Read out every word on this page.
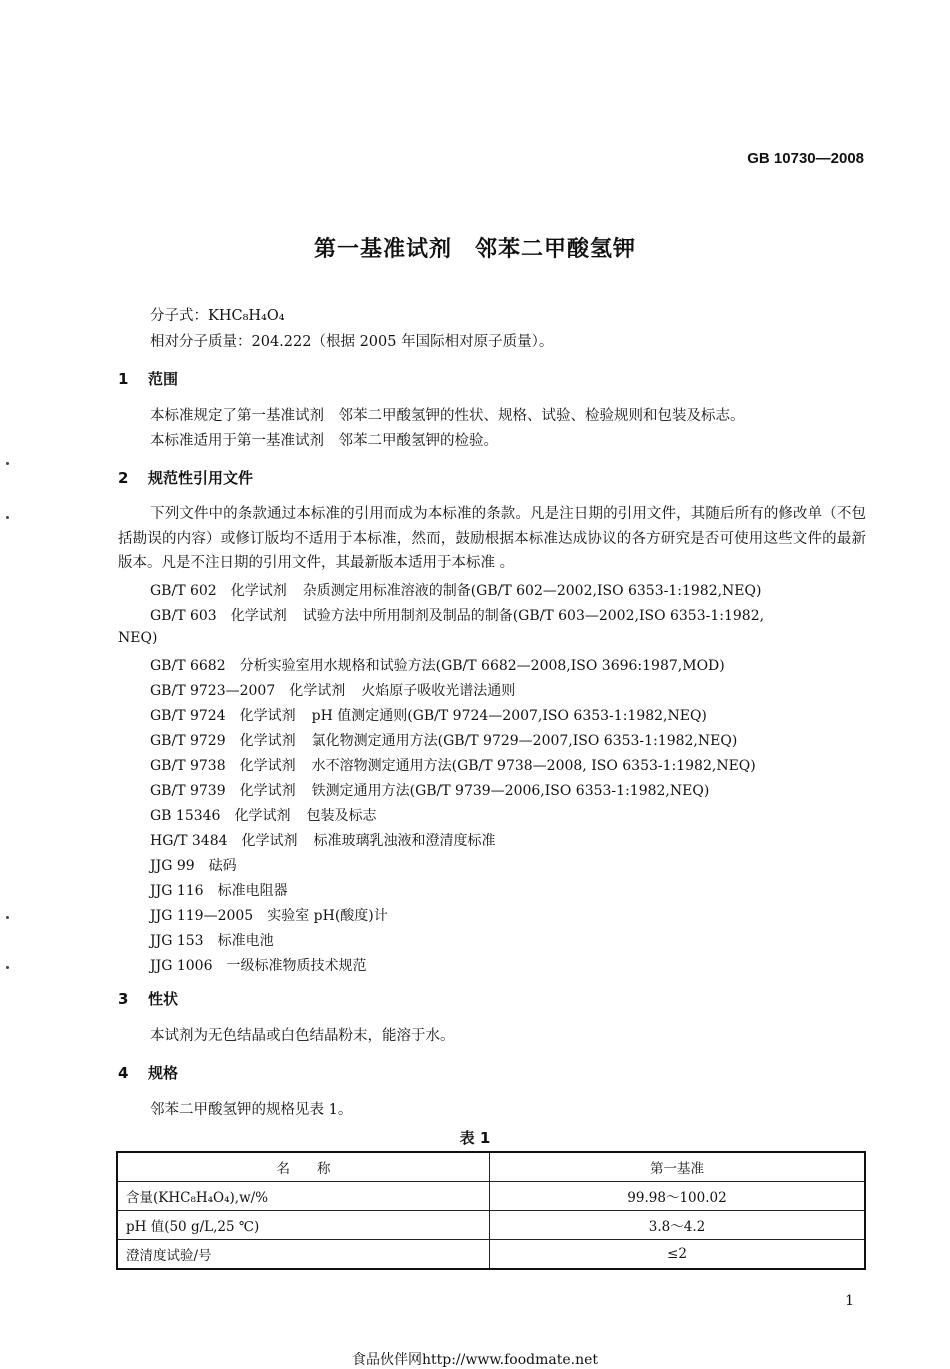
GB 10730—2008
第一基准试剂　邻苯二甲酸氢钾
分子式：KHC₈H₄O₄
相对分子质量：204.222（根据 2005 年国际相对原子质量）。
1 范围
本标准规定了第一基准试剂　邻苯二甲酸氢钾的性状、规格、试验、检验规则和包装及标志。
本标准适用于第一基准试剂　邻苯二甲酸氢钾的检验。
2 规范性引用文件
下列文件中的条款通过本标准的引用而成为本标准的条款。凡是注日期的引用文件，其随后所有的修改单（不包括勘误的内容）或修订版均不适用于本标准，然而，鼓励根据本标准达成协议的各方研究是否可使用这些文件的最新版本。凡是不注日期的引用文件，其最新版本适用于本标准 。
GB/T 602 化学试剂 杂质测定用标准溶液的制备(GB/T 602—2002,ISO 6353-1:1982,NEQ)
GB/T 603 化学试剂 试验方法中所用制剂及制品的制备(GB/T 603—2002,ISO 6353-1:1982,
NEQ)
GB/T 6682 分析实验室用水规格和试验方法(GB/T 6682—2008,ISO 3696:1987,MOD)
GB/T 9723—2007 化学试剂 火焰原子吸收光谱法通则
GB/T 9724 化学试剂 pH 值测定通则(GB/T 9724—2007,ISO 6353-1:1982,NEQ)
GB/T 9729 化学试剂 氯化物测定通用方法(GB/T 9729—2007,ISO 6353-1:1982,NEQ)
GB/T 9738 化学试剂 水不溶物测定通用方法(GB/T 9738—2008, ISO 6353-1:1982,NEQ)
GB/T 9739 化学试剂 铁测定通用方法(GB/T 9739—2006,ISO 6353-1:1982,NEQ)
GB 15346 化学试剂 包装及标志
HG/T 3484 化学试剂 标准玻璃乳浊液和澄清度标准
JJG 99 砝码
JJG 116 标准电阻器
JJG 119—2005 实验室 pH(酸度)计
JJG 153 标准电池
JJG 1006 一级标准物质技术规范
3 性状
本试剂为无色结晶或白色结晶粉末，能溶于水。
4 规格
邻苯二甲酸氢钾的规格见表 1。
表 1
名　　称	第一基准
含量(KHC₈H₄O₄),w/%	99.98～100.02
pH 值(50 g/L,25 ℃)	3.8～4.2
澄清度试验/号	≤2
1
食品伙伴网http://www.foodmate.net
